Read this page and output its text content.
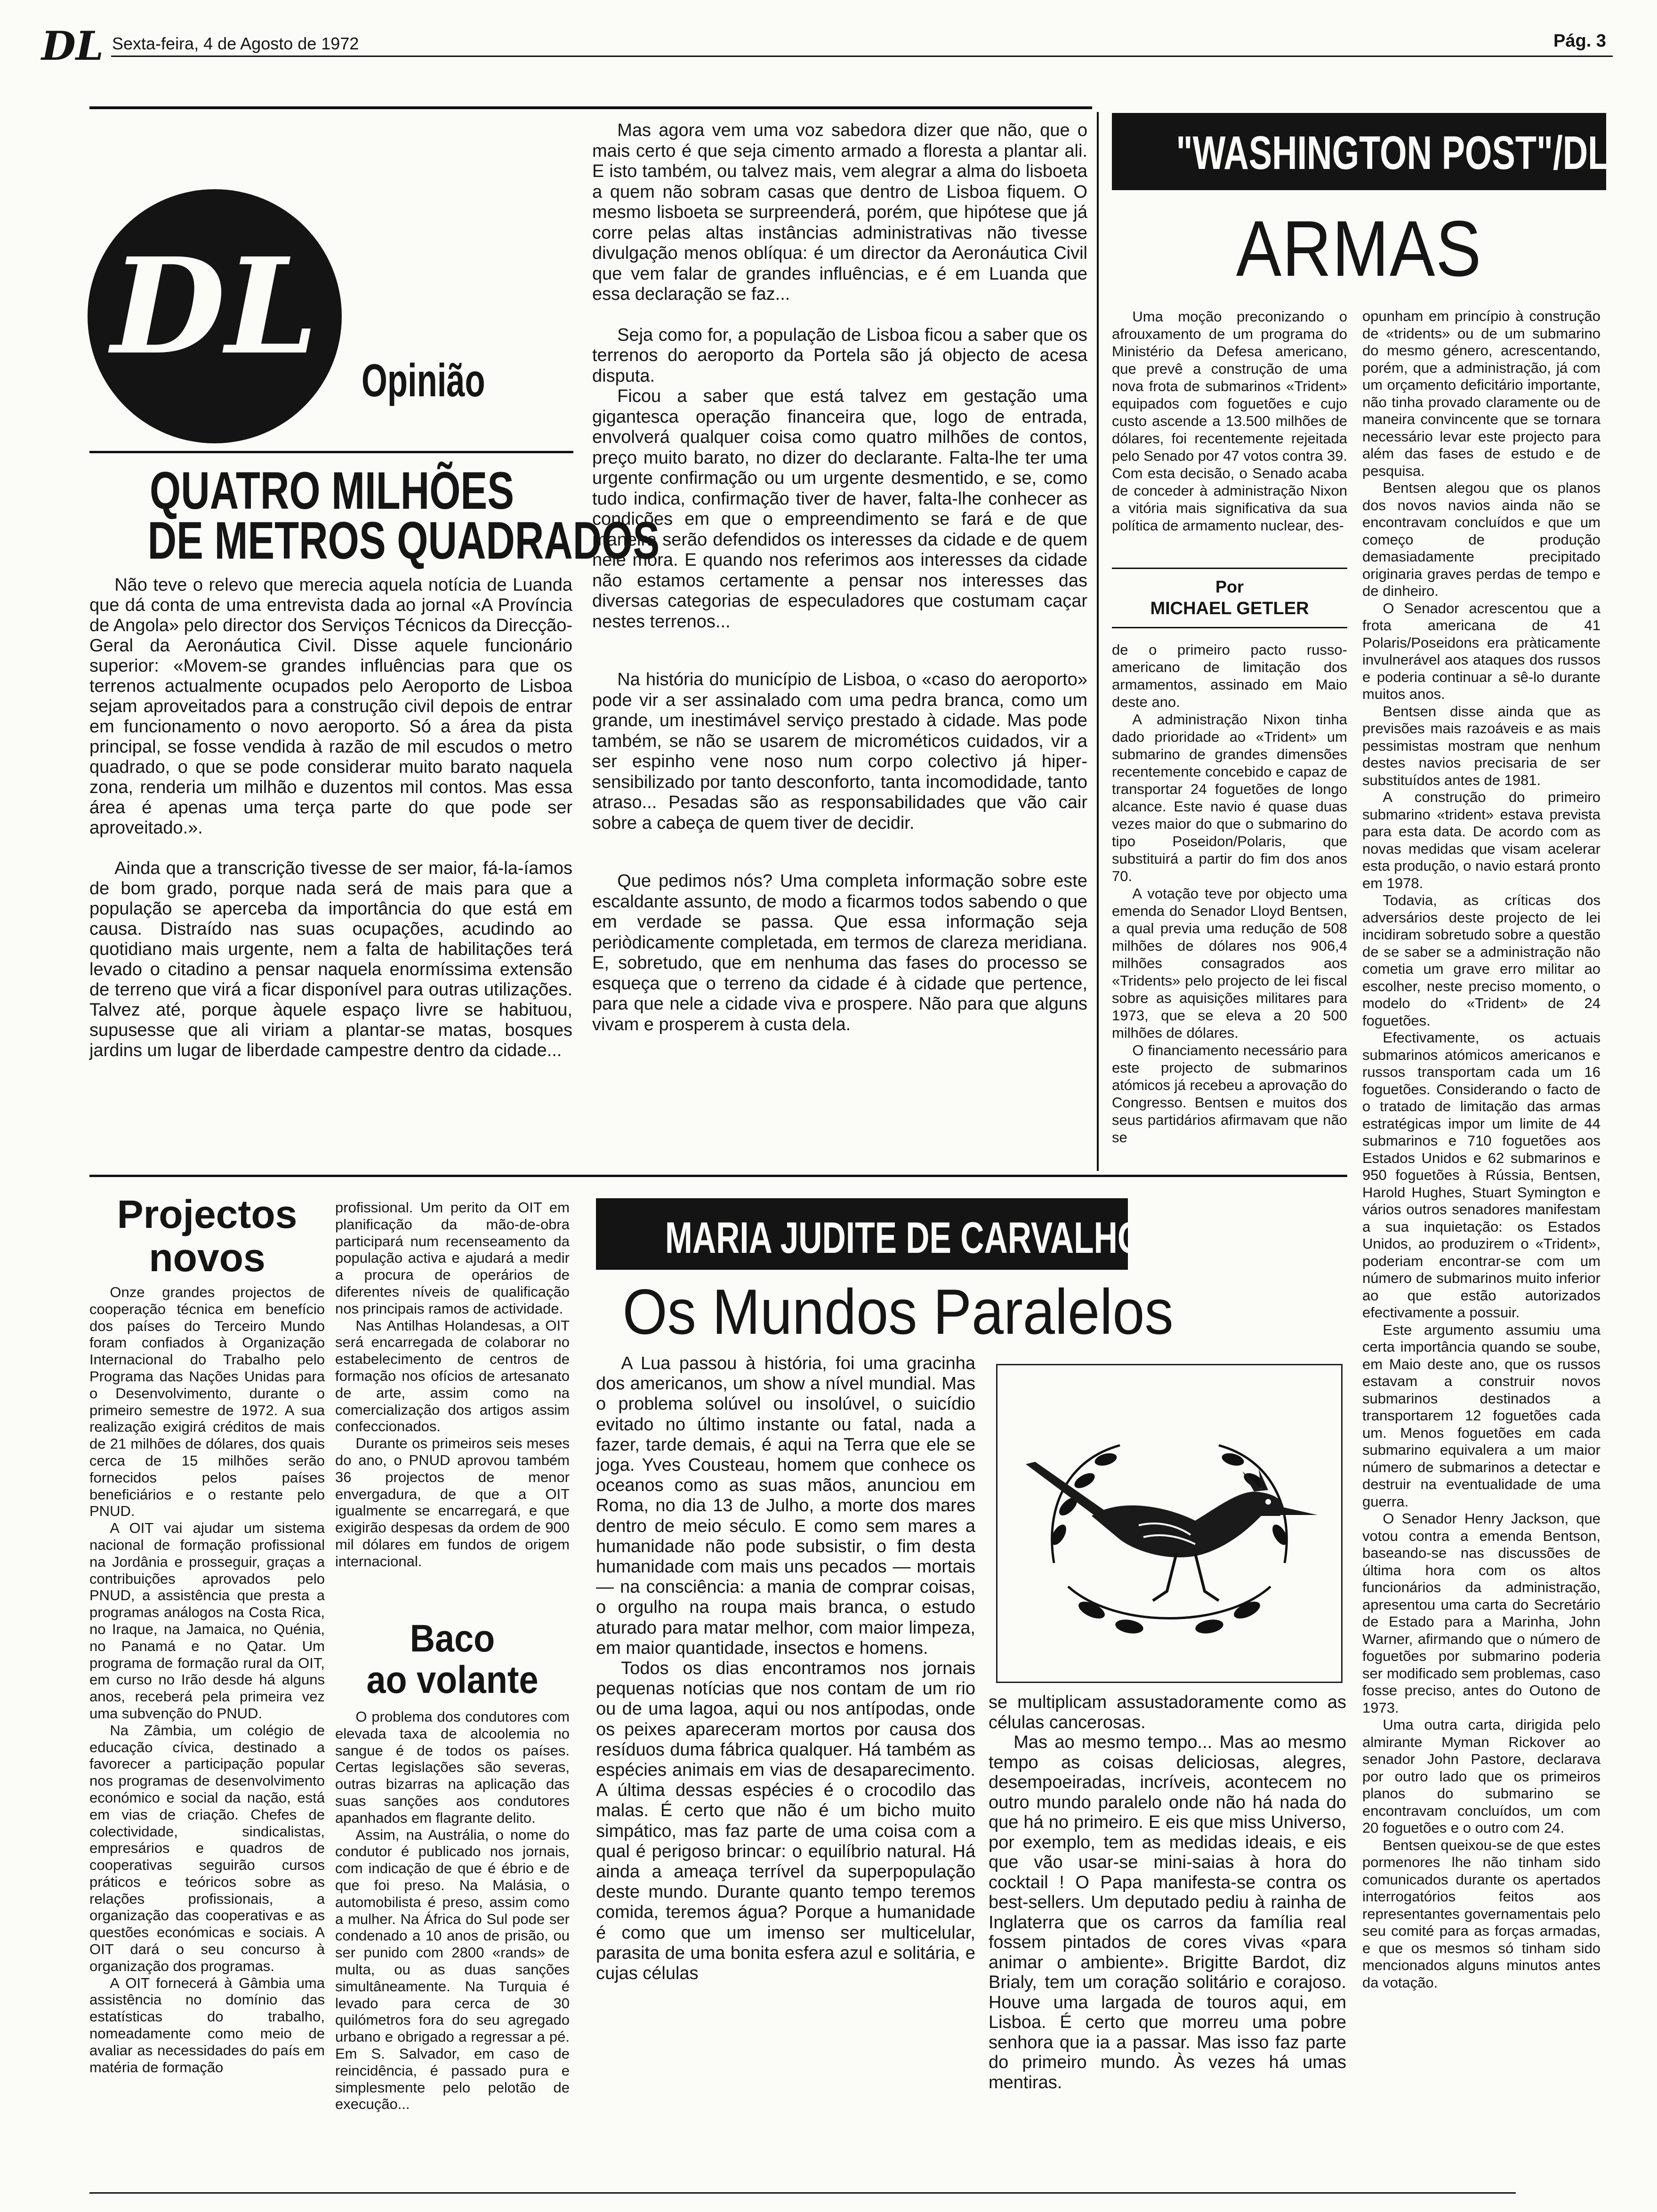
DL Sexta-feira, 4 de Agosto de 1972	Pág. 3
DL Opinião
QUATRO MILHÕES
DE METROS QUADRADOS

Não teve o relevo que merecia aquela notícia de Luanda que dá conta de uma entrevista dada ao jornal «A Província de Angola» pelo director dos Serviços Técnicos da Direcção-Geral da Aeronáutica Civil. Disse aquele funcionário superior: «Movem-se grandes influências para que os terrenos actualmente ocupados pelo Aeroporto de Lisboa sejam aproveitados para a construção civil depois de entrar em funcionamento o novo aeroporto. Só a área da pista principal, se fosse vendida à razão de mil escudos o metro quadrado, o que se pode considerar muito barato naquela zona, renderia um milhão e duzentos mil contos. Mas essa área é apenas uma terça parte do que pode ser aproveitado.».

Ainda que a transcrição tivesse de ser maior, fá-la-íamos de bom grado, porque nada será de mais para que a população se aperceba da importância do que está em causa. Distraído nas suas ocupações, acudindo ao quotidiano mais urgente, nem a falta de habilitações terá levado o citadino a pensar naquela enormíssima extensão de terreno que virá a ficar disponível para outras utilizações. Talvez até, porque àquele espaço livre se habituou, supusesse que ali viriam a plantar-se matas, bosques jardins um lugar de liberdade campestre dentro da cidade...

Mas agora vem uma voz sabedora dizer que não, que o mais certo é que seja cimento armado a floresta a plantar ali. E isto também, ou talvez mais, vem alegrar a alma do lisboeta a quem não sobram casas que dentro de Lisboa fiquem. O mesmo lisboeta se surpreenderá, porém, que hipótese que já corre pelas altas instâncias administrativas não tivesse divulgação menos oblíqua: é um director da Aeronáutica Civil que vem falar de grandes influências, e é em Luanda que essa declaração se faz...

Seja como for, a população de Lisboa ficou a saber que os terrenos do aeroporto da Portela são já objecto de acesa disputa.

Ficou a saber que está talvez em gestação uma gigantesca operação financeira que, logo de entrada, envolverá qualquer coisa como quatro milhões de contos, preço muito barato, no dizer do declarante. Falta-lhe ter uma urgente confirmação ou um urgente desmentido, e se, como tudo indica, confirmação tiver de haver, falta-lhe conhecer as condições em que o empreendimento se fará e de que maneira serão defendidos os interesses da cidade e de quem nele mora. E quando nos referimos aos interesses da cidade não estamos certamente a pensar nos interesses das diversas categorias de especuladores que costumam caçar nestes terrenos...

Na história do município de Lisboa, o «caso do aeroporto» pode vir a ser assinalado com uma pedra branca, como um grande, um inestimável serviço prestado à cidade. Mas pode também, se não se usarem de microméticos cuidados, vir a ser espinho vene noso num corpo colectivo já hiper-sensibilizado por tanto desconforto, tanta incomodidade, tanto atraso... Pesadas são as responsabilidades que vão cair sobre a cabeça de quem tiver de decidir.

Que pedimos nós? Uma completa informação sobre este escaldante assunto, de modo a ficarmos todos sabendo o que em verdade se passa. Que essa informação seja periòdicamente completada, em termos de clareza meridiana. E, sobretudo, que em nenhuma das fases do processo se esqueça que o terreno da cidade é à cidade que pertence, para que nele a cidade viva e prospere. Não para que alguns vivam e prosperem à custa dela.

"WASHINGTON POST"/DL
ARMAS

Uma moção preconizando o afrouxamento de um programa do Ministério da Defesa americano, que prevê a construção de uma nova frota de submarinos «Trident» equipados com foguetões e cujo custo ascende a 13.500 milhões de dólares, foi recentemente rejeitada pelo Senado por 47 votos contra 39. Com esta decisão, o Senado acaba de conceder à administração Nixon a vitória mais significativa da sua política de armamento nuclear, des-

Por
MICHAEL GETLER

de o primeiro pacto russo-americano de limitação dos armamentos, assinado em Maio deste ano.

A administração Nixon tinha dado prioridade ao «Trident» um submarino de grandes dimensões recentemente concebido e capaz de transportar 24 foguetões de longo alcance. Este navio é quase duas vezes maior do que o submarino do tipo Poseidon/Polaris, que substituirá a partir do fim dos anos 70.

A votação teve por objecto uma emenda do Senador Lloyd Bentsen, a qual previa uma redução de 508 milhões de dólares nos 906,4 milhões consagrados aos «Tridents» pelo projecto de lei fiscal sobre as aquisições militares para 1973, que se eleva a 20 500 milhões de dólares.

O financiamento necessário para este projecto de submarinos atómicos já recebeu a aprovação do Congresso. Bentsen e muitos dos seus partidários afirmavam que não se

opunham em princípio à construção de «tridents» ou de um submarino do mesmo género, acrescentando, porém, que a administração, já com um orçamento deficitário importante, não tinha provado claramente ou de maneira convincente que se tornara necessário levar este projecto para além das fases de estudo e de pesquisa.

Bentsen alegou que os planos dos novos navios ainda não se encontravam concluídos e que um começo de produção demasiadamente precipitado originaria graves perdas de tempo e de dinheiro.

O Senador acrescentou que a frota americana de 41 Polaris/Poseidons era pràticamente invulnerável aos ataques dos russos e poderia continuar a sê-lo durante muitos anos.

Bentsen disse ainda que as previsões mais razoáveis e as mais pessimistas mostram que nenhum destes navios precisaria de ser substituídos antes de 1981.

A construção do primeiro submarino «trident» estava prevista para esta data. De acordo com as novas medidas que visam acelerar esta produção, o navio estará pronto em 1978.

Todavia, as críticas dos adversários deste projecto de lei incidiram sobretudo sobre a questão de se saber se a administração não cometia um grave erro militar ao escolher, neste preciso momento, o modelo do «Trident» de 24 foguetões.

Efectivamente, os actuais submarinos atómicos americanos e russos transportam cada um 16 foguetões. Considerando o facto de o tratado de limitação das armas estratégicas impor um limite de 44 submarinos e 710 foguetões aos Estados Unidos e 62 submarinos e 950 foguetões à Rússia, Bentsen, Harold Hughes, Stuart Symington e vários outros senadores manifestam a sua inquietação: os Estados Unidos, ao produzirem o «Trident», poderiam encontrar-se com um número de submarinos muito inferior ao que estão autorizados efectivamente a possuir.

Este argumento assumiu uma certa importância quando se soube, em Maio deste ano, que os russos estavam a construir novos submarinos destinados a transportarem 12 foguetões cada um. Menos foguetões em cada submarino equivalera a um maior número de submarinos a detectar e destruir na eventualidade de uma guerra.

O Senador Henry Jackson, que votou contra a emenda Bentson, baseando-se nas discussões de última hora com os altos funcionários da administração, apresentou uma carta do Secretário de Estado para a Marinha, John Warner, afirmando que o número de foguetões por submarino poderia ser modificado sem problemas, caso fosse preciso, antes do Outono de 1973.

Uma outra carta, dirigida pelo almirante Myman Rickover ao senador John Pastore, declarava por outro lado que os primeiros planos do submarino se encontravam concluídos, um com 20 foguetões e o outro com 24.

Bentsen queixou-se de que estes pormenores lhe não tinham sido comunicados durante os apertados interrogatórios feitos aos representantes governamentais pelo seu comité para as forças armadas, e que os mesmos só tinham sido mencionados alguns minutos antes da votação.

Projectos
novos

Onze grandes projectos de cooperação técnica em benefício dos países do Terceiro Mundo foram confiados à Organização Internacional do Trabalho pelo Programa das Nações Unidas para o Desenvolvimento, durante o primeiro semestre de 1972. A sua realização exigirá créditos de mais de 21 milhões de dólares, dos quais cerca de 15 milhões serão fornecidos pelos países beneficiários e o restante pelo PNUD.

A OIT vai ajudar um sistema nacional de formação profissional na Jordânia e prosseguir, graças a contribuições aprovados pelo PNUD, a assistência que presta a programas análogos na Costa Rica, no Iraque, na Jamaica, no Quénia, no Panamá e no Qatar. Um programa de formação rural da OIT, em curso no Irão desde há alguns anos, receberá pela primeira vez uma subvenção do PNUD.

Na Zâmbia, um colégio de educação cívica, destinado a favorecer a participação popular nos programas de desenvolvimento económico e social da nação, está em vias de criação. Chefes de colectividade, sindicalistas, empresários e quadros de cooperativas seguirão cursos práticos e teóricos sobre as relações profissionais, a organização das cooperativas e as questões económicas e sociais. A OIT dará o seu concurso à organização dos programas.

A OIT fornecerá à Gâmbia uma assistência no domínio das estatísticas do trabalho, nomeadamente como meio de avaliar as necessidades do país em matéria de formação

profissional. Um perito da OIT em planificação da mão-de-obra participará num recenseamento da população activa e ajudará a medir a procura de operários de diferentes níveis de qualificação nos principais ramos de actividade.

Nas Antilhas Holandesas, a OIT será encarregada de colaborar no estabelecimento de centros de formação nos ofícios de artesanato de arte, assim como na comercialização dos artigos assim confeccionados.

Durante os primeiros seis meses do ano, o PNUD aprovou também 36 projectos de menor envergadura, de que a OIT igualmente se encarregará, e que exigirão despesas da ordem de 900 mil dólares em fundos de origem internacional.

Baco
ao volante

O problema dos condutores com elevada taxa de alcoolemia no sangue é de todos os países. Certas legislações são severas, outras bizarras na aplicação das suas sanções aos condutores apanhados em flagrante delito.

Assim, na Austrália, o nome do condutor é publicado nos jornais, com indicação de que é ébrio e de que foi preso. Na Malásia, o automobilista é preso, assim como a mulher. Na África do Sul pode ser condenado a 10 anos de prisão, ou ser punido com 2800 «rands» de multa, ou as duas sanções simultâneamente. Na Turquia é levado para cerca de 30 quilómetros fora do seu agregado urbano e obrigado a regressar a pé. Em S. Salvador, em caso de reincidência, é passado pura e simplesmente pelo pelotão de execução...

MARIA JUDITE DE CARVALHO
Os Mundos Paralelos

A Lua passou à história, foi uma gracinha dos americanos, um show a nível mundial. Mas o problema solúvel ou insolúvel, o suicídio evitado no último instante ou fatal, nada a fazer, tarde demais, é aqui na Terra que ele se joga. Yves Cousteau, homem que conhece os oceanos como as suas mãos, anunciou em Roma, no dia 13 de Julho, a morte dos mares dentro de meio século. E como sem mares a humanidade não pode subsistir, o fim desta humanidade com mais uns pecados — mortais — na consciência: a mania de comprar coisas, o orgulho na roupa mais branca, o estudo aturado para matar melhor, com maior limpeza, em maior quantidade, insectos e homens.

Todos os dias encontramos nos jornais pequenas notícias que nos contam de um rio ou de uma lagoa, aqui ou nos antípodas, onde os peixes apareceram mortos por causa dos resíduos duma fábrica qualquer. Há também as espécies animais em vias de desaparecimento. A última dessas espécies é o crocodilo das malas. É certo que não é um bicho muito simpático, mas faz parte de uma coisa com a qual é perigoso brincar: o equilíbrio natural. Há ainda a ameaça terrível da superpopulação deste mundo. Durante quanto tempo teremos comida, teremos água? Porque a humanidade é como que um imenso ser multicelular, parasita de uma bonita esfera azul e solitária, e cujas células

se multiplicam assustadoramente como as células cancerosas.

Mas ao mesmo tempo... Mas ao mesmo tempo as coisas deliciosas, alegres, desempoeiradas, incríveis, acontecem no outro mundo paralelo onde não há nada do que há no primeiro. E eis que miss Universo, por exemplo, tem as medidas ideais, e eis que vão usar-se mini-saias à hora do cocktail ! O Papa manifesta-se contra os best-sellers. Um deputado pediu à rainha de Inglaterra que os carros da família real fossem pintados de cores vivas «para animar o ambiente». Brigitte Bardot, diz Brialy, tem um coração solitário e corajoso. Houve uma largada de touros aqui, em Lisboa. É certo que morreu uma pobre senhora que ia a passar. Mas isso faz parte do primeiro mundo. Às vezes há umas mentiras.
